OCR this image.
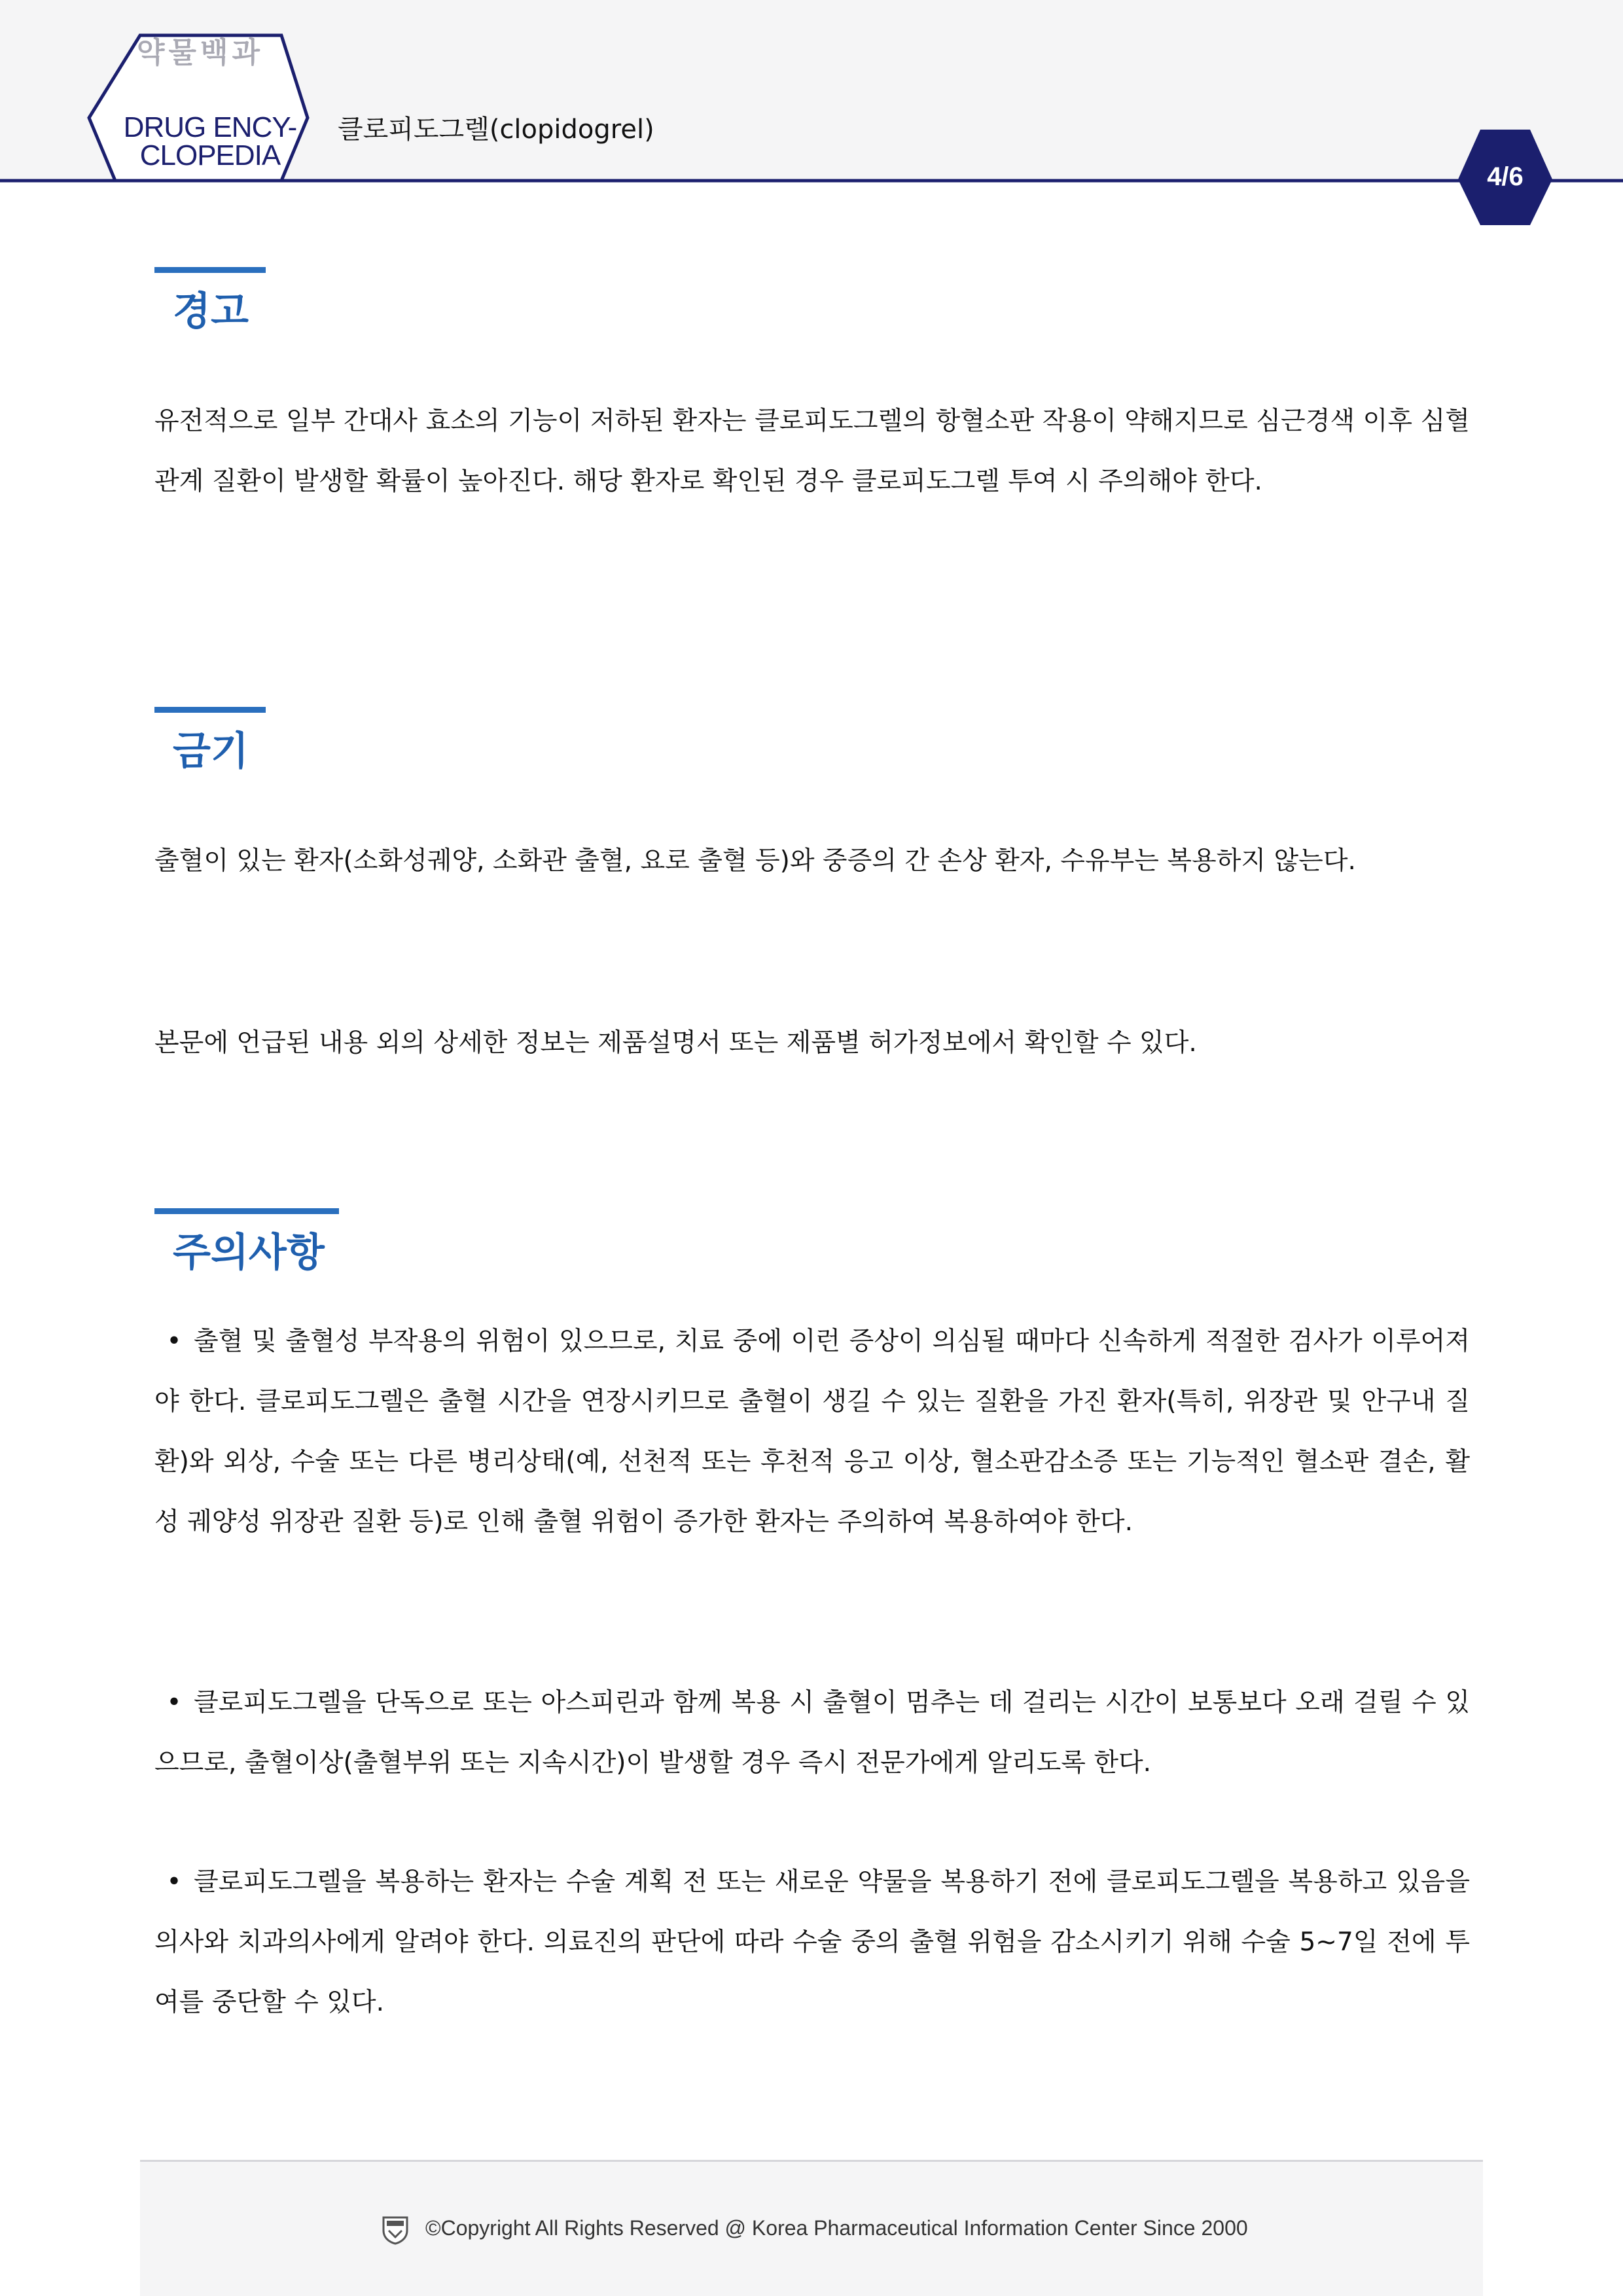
약물백과
DRUG ENCY-
CLOPEDIA
클로피도그렐(clopidogrel)
4/6
경고
유전적으로 일부 간대사 효소의 기능이 저하된 환자는 클로피도그렐의 항혈소판 작용이 약해지므로 심근경색 이후 심혈관계 질환이 발생할 확률이 높아진다. 해당 환자로 확인된 경우 클로피도그렐 투여 시 주의해야 한다.
금기
출혈이 있는 환자(소화성궤양, 소화관 출혈, 요로 출혈 등)와 중증의 간 손상 환자, 수유부는 복용하지 않는다.
본문에 언급된 내용 외의 상세한 정보는 제품설명서 또는 제품별 허가정보에서 확인할 수 있다.
주의사항
• 출혈 및 출혈성 부작용의 위험이 있으므로, 치료 중에 이런 증상이 의심될 때마다 신속하게 적절한 검사가 이루어져야 한다. 클로피도그렐은 출혈 시간을 연장시키므로 출혈이 생길 수 있는 질환을 가진 환자(특히, 위장관 및 안구내 질환)와 외상, 수술 또는 다른 병리상태(예, 선천적 또는 후천적 응고 이상, 혈소판감소증 또는 기능적인 혈소판 결손, 활성 궤양성 위장관 질환 등)로 인해 출혈 위험이 증가한 환자는 주의하여 복용하여야 한다.
• 클로피도그렐을 단독으로 또는 아스피린과 함께 복용 시 출혈이 멈추는 데 걸리는 시간이 보통보다 오래 걸릴 수 있으므로, 출혈이상(출혈부위 또는 지속시간)이 발생할 경우 즉시 전문가에게 알리도록 한다.
• 클로피도그렐을 복용하는 환자는 수술 계획 전 또는 새로운 약물을 복용하기 전에 클로피도그렐을 복용하고 있음을 의사와 치과의사에게 알려야 한다. 의료진의 판단에 따라 수술 중의 출혈 위험을 감소시키기 위해 수술 5~7일 전에 투여를 중단할 수 있다.
©Copyright All Rights Reserved @ Korea Pharmaceutical Information Center Since 2000
